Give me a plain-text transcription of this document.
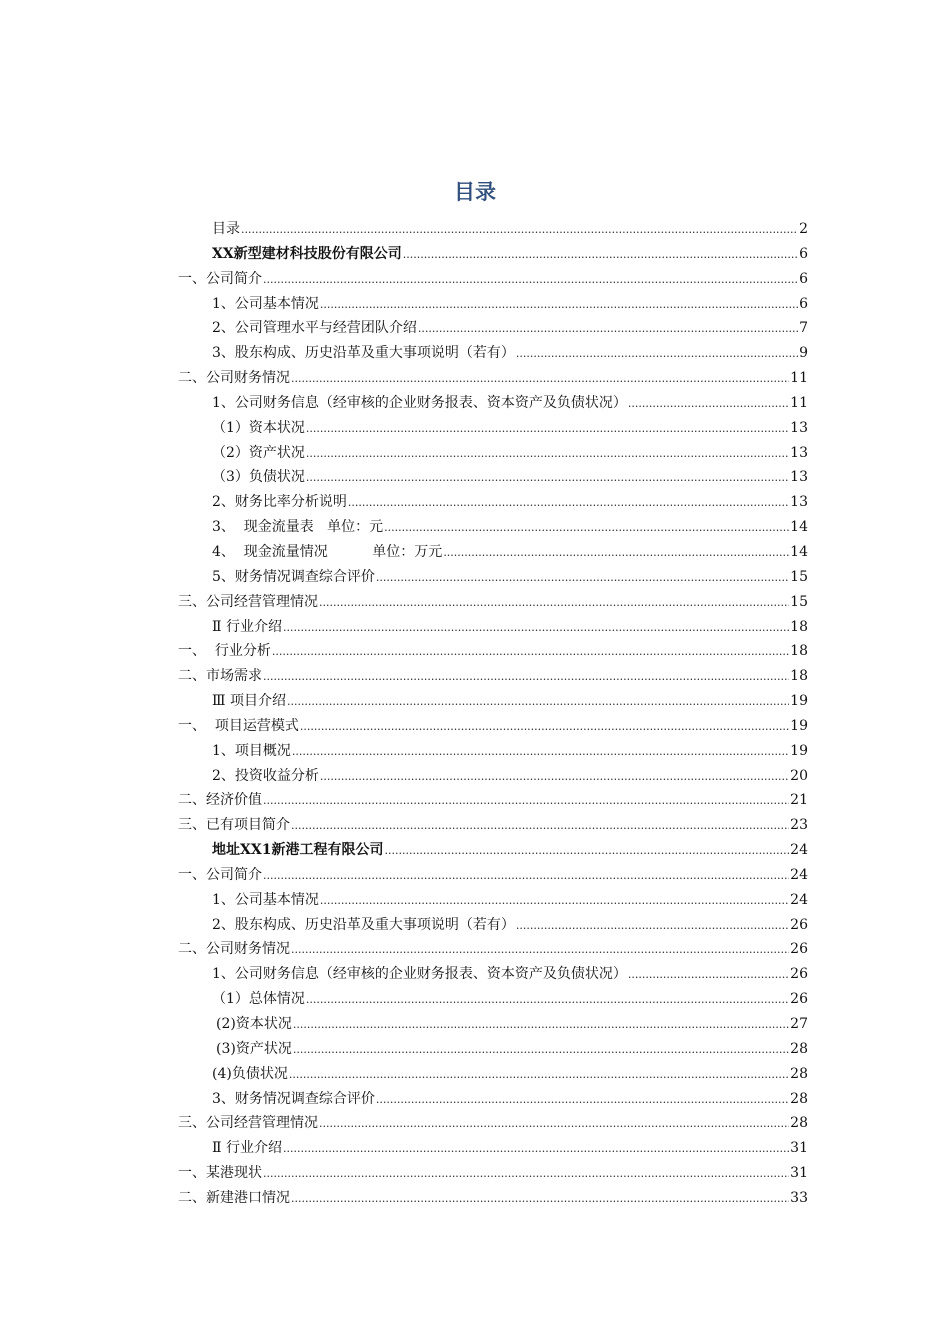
目录
目录 .....	2
XX新型建材科技股份有限公司 .....	6
一、公司简介 .....	6
1、公司基本情况 .....	6
2、公司管理水平与经营团队介绍 .....	7
3、股东构成、历史沿革及重大事项说明（若有） .....	9
二、公司财务情况 .....	11
1、公司财务信息（经审核的企业财务报表、资本资产及负债状况） .....	11
（1）资本状况 .....	13
（2）资产状况 .....	13
（3）负债状况 .....	13
2、财务比率分析说明 .....	13
3、  现金流量表   单位：元 .....	14
4、  现金流量情况          单位：万元 .....	14
5、财务情况调查综合评价 .....	15
三、公司经营管理情况 .....	15
Ⅱ 行业介绍 .....	18
一、  行业分析 .....	18
二、市场需求 .....	18
Ⅲ 项目介绍 .....	19
一、  项目运营模式 .....	19
1、项目概况 .....	19
2、投资收益分析 .....	20
二、经济价值 .....	21
三、已有项目简介 .....	23
地址XX1新港工程有限公司 .....	24
一、公司简介 .....	24
1、公司基本情况 .....	24
2、股东构成、历史沿革及重大事项说明（若有） .....	26
二、公司财务情况 .....	26
1、公司财务信息（经审核的企业财务报表、资本资产及负债状况） .....	26
（1）总体情况 .....	26
(2)资本状况 .....	27
(3)资产状况 .....	28
(4)负债状况 .....	28
3、财务情况调查综合评价 .....	28
三、公司经营管理情况 .....	28
Ⅱ 行业介绍 .....	31
一、某港现状 .....	31
二、新建港口情况 .....	33
